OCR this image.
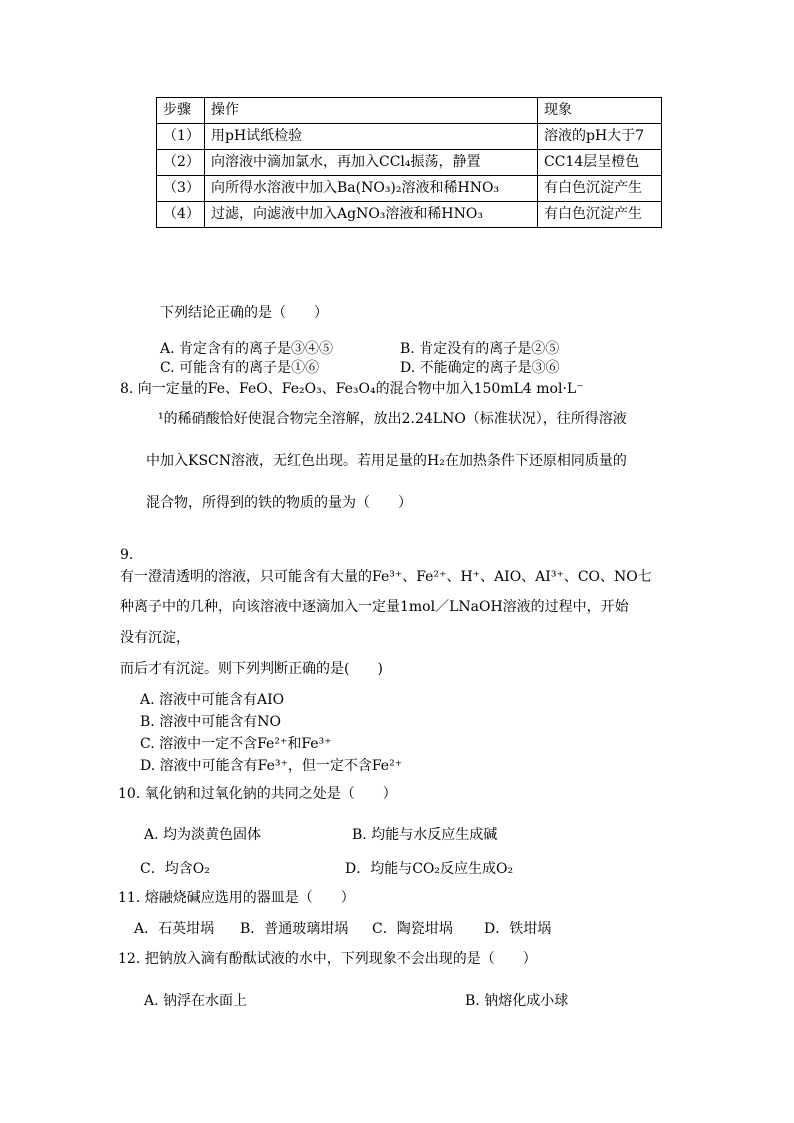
步骤	操作	现象
（1）	用pH试纸检验	溶液的pH大于7
（2）	向溶液中滴加氯水，再加入CCl₄振荡，静置	CC14层呈橙色
（3）	向所得水溶液中加入Ba(NO₃)₂溶液和稀HNO₃	有白色沉淀产生
（4）	过滤，向滤液中加入AgNO₃溶液和稀HNO₃	有白色沉淀产生
下列结论正确的是（　　）
A. 肯定含有的离子是③④⑤	B. 肯定没有的离子是②⑤
C. 可能含有的离子是①⑥	D. 不能确定的离子是③⑥
8. 向一定量的Fe、FeO、Fe₂O₃、Fe₃O₄的混合物中加入150mL4 mol·L⁻
¹的稀硝酸恰好使混合物完全溶解，放出2.24LNO（标准状况），往所得溶液
中加入KSCN溶液，无红色出现。若用足量的H₂在加热条件下还原相同质量的
混合物，所得到的铁的物质的量为（　　）
9.
有一澄清透明的溶液，只可能含有大量的Fe³⁺、Fe²⁺、H⁺、AIO、AI³⁺、CO、NO七
种离子中的几种，向该溶液中逐滴加入一定量1mol／LNaOH溶液的过程中，开始
没有沉淀，
而后才有沉淀。则下列判断正确的是(　　)
A. 溶液中可能含有AIO
B. 溶液中可能含有NO
C. 溶液中一定不含Fe²⁺和Fe³⁺
D. 溶液中可能含有Fe³⁺，但一定不含Fe²⁺
10. 氧化钠和过氧化钠的共同之处是（　　）
A. 均为淡黄色固体	B. 均能与水反应生成碱
C．均含O₂	D．均能与CO₂反应生成O₂
11. 熔融烧碱应选用的器皿是（　　）
A．石英坩埚 B．普通玻璃坩埚 C．陶瓷坩埚 D．铁坩埚
12. 把钠放入滴有酚酞试液的水中，下列现象不会出现的是（　　）
A. 钠浮在水面上	B. 钠熔化成小球
